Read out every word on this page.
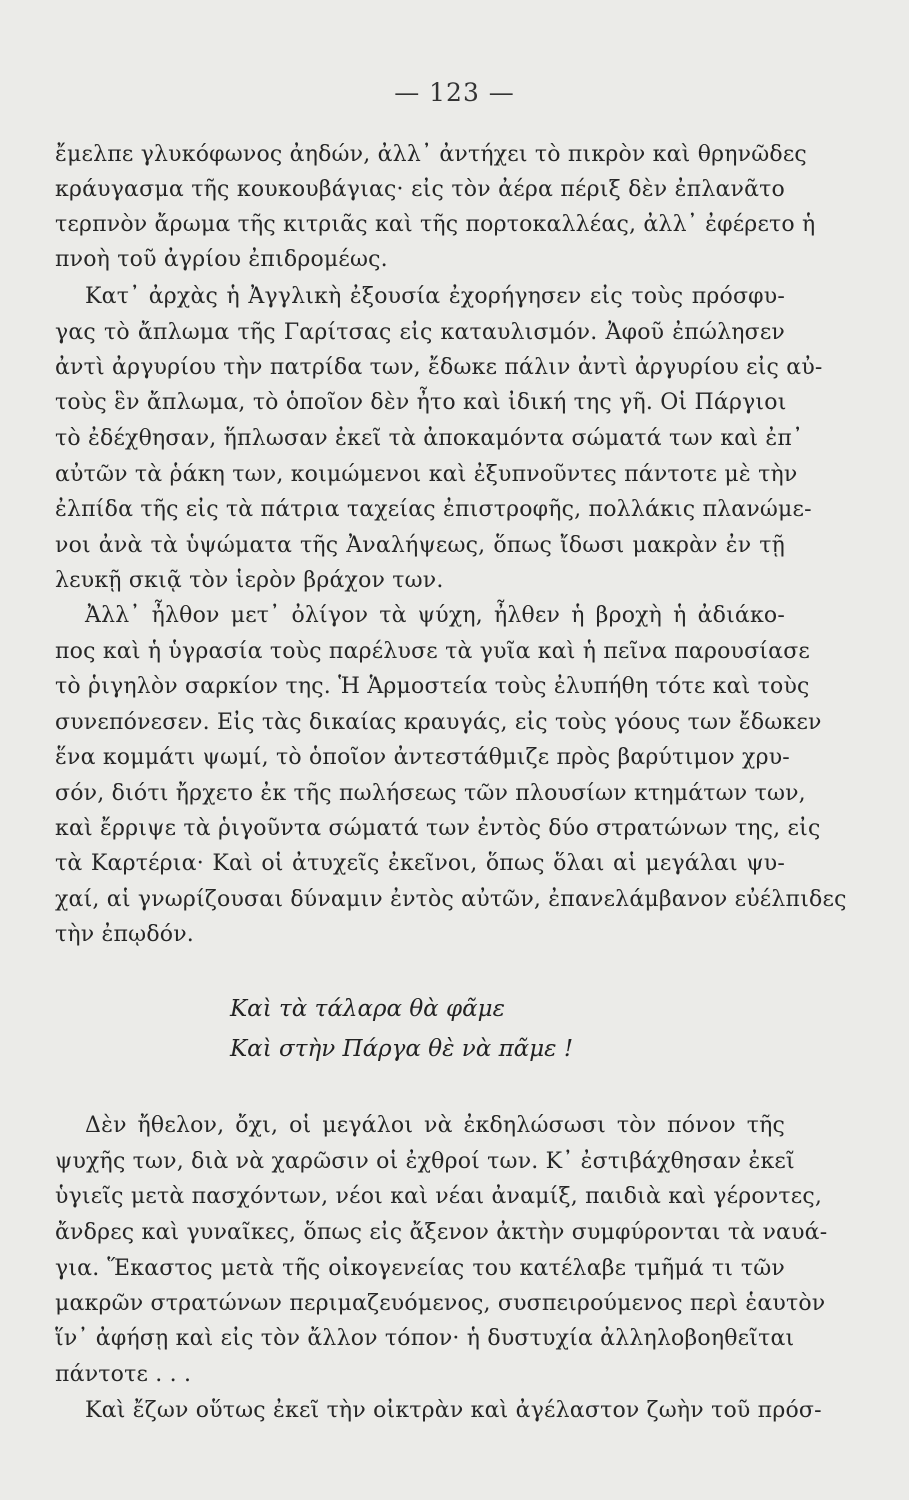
— 123 —
ἔμελπε γλυκόφωνος ἀηδών, ἀλλ᾽ ἀντήχει τὸ πικρὸν καὶ θρηνῶδες
κράυγασμα τῆς κουκουβάγιας· εἰς τὸν ἀέρα πέριξ δὲν ἐπλανᾶτο
τερπνὸν ἄρωμα τῆς κιτριᾶς καὶ τῆς πορτοκαλλέας, ἀλλ᾽ ἐφέρετο ἡ
πνοὴ τοῦ ἀγρίου ἐπιδρομέως.
Κατ᾽ ἀρχὰς ἡ Ἀγγλικὴ ἐξουσία ἐχορήγησεν εἰς τοὺς πρόσφυ-
γας τὸ ἄπλωμα τῆς Γαρίτσας εἰς καταυλισμόν. Ἀφοῦ ἐπώλησεν
ἀντὶ ἀργυρίου τὴν πατρίδα των, ἔδωκε πάλιν ἀντὶ ἀργυρίου εἰς αὐ-
τοὺς ἓν ἄπλωμα, τὸ ὁποῖον δὲν ἦτο καὶ ἰδική της γῆ. Οἱ Πάργιοι
τὸ ἐδέχθησαν, ἥπλωσαν ἐκεῖ τὰ ἀποκαμόντα σώματά των καὶ ἐπ᾽
αὐτῶν τὰ ῥάκη των, κοιμώμενοι καὶ ἐξυπνοῦντες πάντοτε μὲ τὴν
ἐλπίδα τῆς εἰς τὰ πάτρια ταχείας ἐπιστροφῆς, πολλάκις πλανώμε-
νοι ἀνὰ τὰ ὑψώματα τῆς Ἀναλήψεως, ὅπως ἴδωσι μακρὰν ἐν τῇ
λευκῇ σκιᾷ τὸν ἱερὸν βράχον των.
Ἀλλ᾽ ἦλθον μετ᾽ ὀλίγον τὰ ψύχη, ἦλθεν ἡ βροχὴ ἡ ἀδιάκο-
πος καὶ ἡ ὑγρασία τοὺς παρέλυσε τὰ γυῖα καὶ ἡ πεῖνα παρουσίασε
τὸ ῥιγηλὸν σαρκίον της. Ἡ Ἁρμοστεία τοὺς ἐλυπήθη τότε καὶ τοὺς
συνεπόνεσεν. Εἰς τὰς δικαίας κραυγάς, εἰς τοὺς γόους των ἔδωκεν
ἕνα κομμάτι ψωμί, τὸ ὁποῖον ἀντεστάθμιζε πρὸς βαρύτιμον χρυ-
σόν, διότι ἤρχετο ἐκ τῆς πωλήσεως τῶν πλουσίων κτημάτων των,
καὶ ἔρριψε τὰ ῥιγοῦντα σώματά των ἐντὸς δύο στρατώνων της, εἰς
τὰ Καρτέρια· Καὶ οἱ ἀτυχεῖς ἐκεῖνοι, ὅπως ὅλαι αἱ μεγάλαι ψυ-
χαί, αἱ γνωρίζουσαι δύναμιν ἐντὸς αὐτῶν, ἐπανελάμβανον εὐέλπιδες
τὴν ἐπῳδόν.
Καὶ τὰ τάλαρα θὰ φᾶμε
Καὶ στὴν Πάργα θὲ νὰ πᾶμε !
Δὲν ἤθελον, ὄχι, οἱ μεγάλοι νὰ ἐκδηλώσωσι τὸν πόνον τῆς
ψυχῆς των, διὰ νὰ χαρῶσιν οἱ ἐχθροί των. Κ᾽ ἐστιβάχθησαν ἐκεῖ
ὑγιεῖς μετὰ πασχόντων, νέοι καὶ νέαι ἀναμίξ, παιδιὰ καὶ γέροντες,
ἄνδρες καὶ γυναῖκες, ὅπως εἰς ἄξενον ἀκτὴν συμφύρονται τὰ ναυά-
για. Ἕκαστος μετὰ τῆς οἰκογενείας του κατέλαβε τμῆμά τι τῶν
μακρῶν στρατώνων περιμαζευόμενος, συσπειρούμενος περὶ ἑαυτὸν
ἵν᾽ ἀφήσῃ καὶ εἰς τὸν ἄλλον τόπον· ἡ δυστυχία ἀλληλοβοηθεῖται
πάντοτε . . .
Καὶ ἔζων οὕτως ἐκεῖ τὴν οἰκτρὰν καὶ ἀγέλαστον ζωὴν τοῦ πρόσ-
